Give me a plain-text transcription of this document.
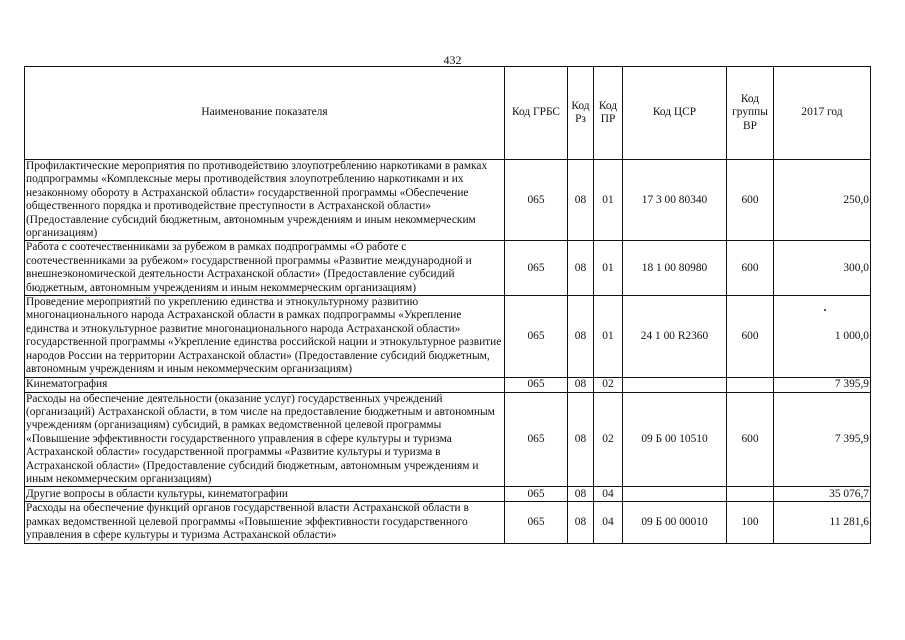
432
Наименование показателя	Код ГРБС	Код Рз	Код ПР	Код ЦСР	Код группы ВР	2017 год
Профилактические мероприятия по противодействию злоупотреблению наркотиками в рамках подпрограммы «Комплексные меры противодействия злоупотреблению наркотиками и их незаконному обороту в Астраханской области» государственной программы «Обеспечение общественного порядка и противодействие преступности в Астраханской области» (Предоставление субсидий бюджетным, автономным учреждениям и иным некоммерческим организациям)	065	08	01	17 3 00 80340	600	250,0
Работа с соотечественниками за рубежом в рамках подпрограммы «О работе с соотечественниками за рубежом» государственной программы «Развитие международной и внешнеэкономической деятельности Астраханской области» (Предоставление субсидий бюджетным, автономным учреждениям и иным некоммерческим организациям)	065	08	01	18 1 00 80980	600	300,0
Проведение мероприятий по укреплению единства и этнокультурному развитию многонационального народа Астраханской области в рамках подпрограммы «Укрепление единства и этнокультурное развитие многонационального народа Астраханской области» государственной программы «Укрепление единства российской нации и этнокультурное развитие народов России на территории Астраханской области» (Предоставление субсидий бюджетным, автономным учреждениям и иным некоммерческим организациям)	065	08	01	24 1 00 R2360	600	1 000,0
Кинематография	065	08	02			7 395,9
Расходы на обеспечение деятельности (оказание услуг) государственных учреждений (организаций) Астраханской области, в том числе на предоставление бюджетным и автономным учреждениям (организациям) субсидий, в рамках ведомственной целевой программы «Повышение эффективности государственного управления в сфере культуры и туризма Астраханской области» государственной программы «Развитие культуры и туризма в Астраханской области» (Предоставление субсидий бюджетным, автономным учреждениям и иным некоммерческим организациям)	065	08	02	09 Б 00 10510	600	7 395,9
Другие вопросы в области культуры, кинематографии	065	08	04			35 076,7
Расходы на обеспечение функций органов государственной власти Астраханской области в рамках ведомственной целевой программы «Повышение эффективности государственного управления в сфере культуры и туризма Астраханской области»	065	08	04	09 Б 00 00010	100	11 281,6
